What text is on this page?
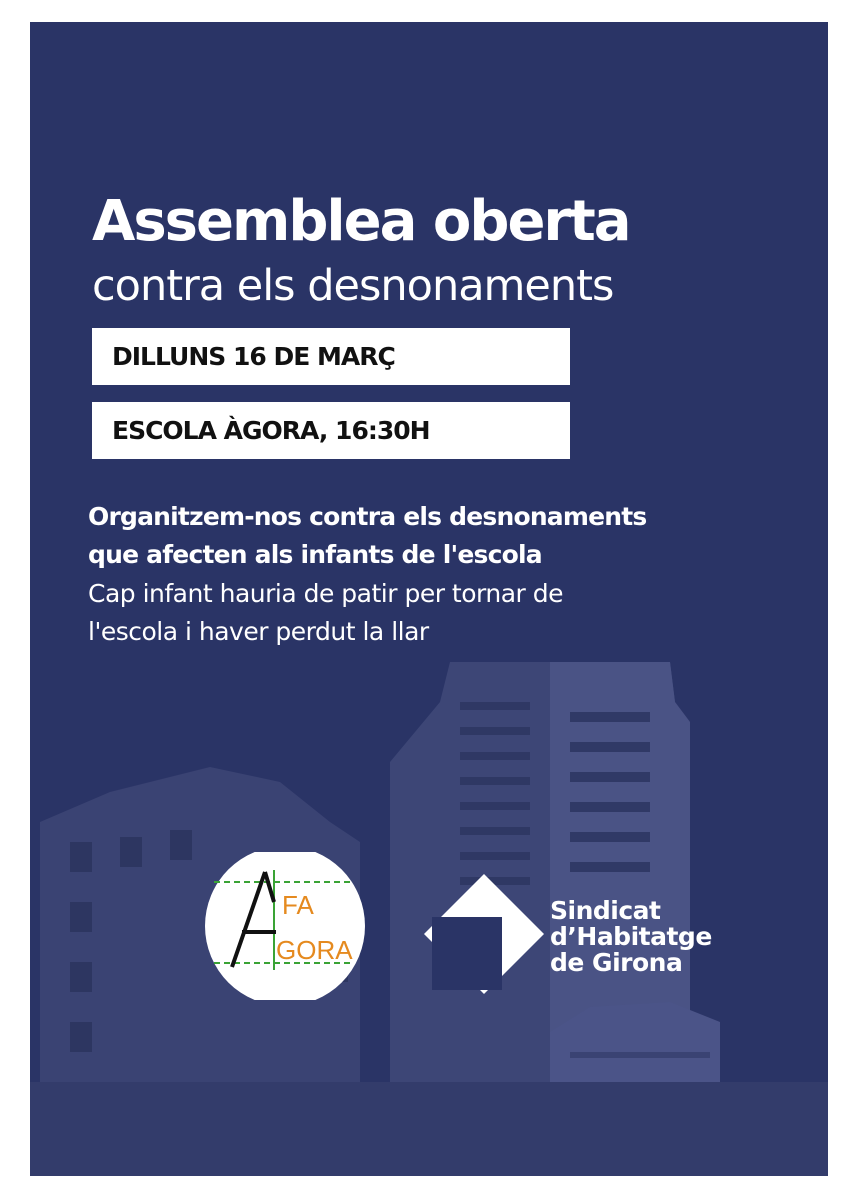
Assemblea oberta
contra els desnonaments
DILLUNS 16 DE MARÇ
ESCOLA ÀGORA, 16:30H
Organitzem-nos contra els desnonaments
que afecten als infants de l'escola
Cap infant hauria de patir per tornar de
l'escola i haver perdut la llar
FA
GORA
Sindicat
d’Habitatge
de Girona
